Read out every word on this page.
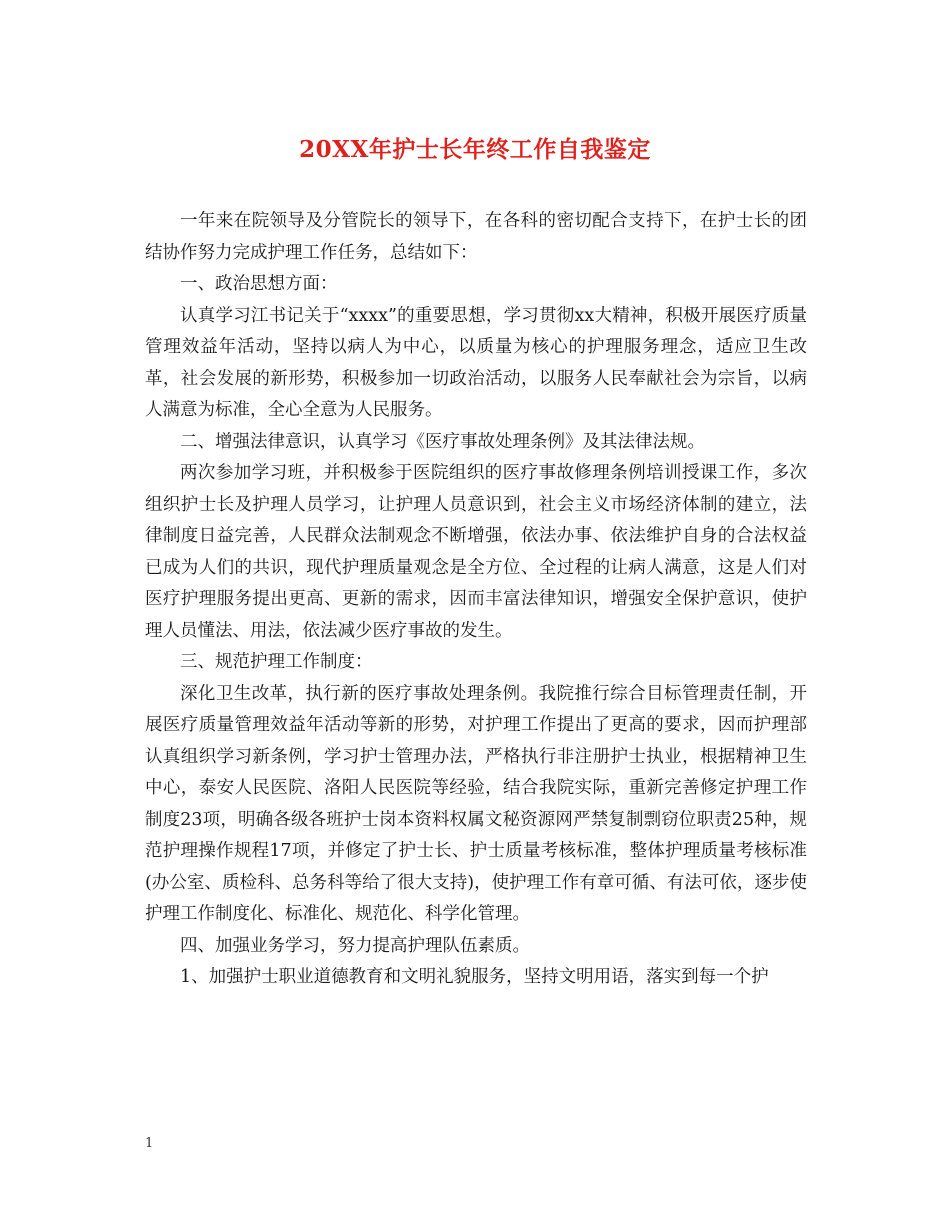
20XX年护士长年终工作自我鉴定

一年来在院领导及分管院长的领导下，在各科的密切配合支持下，在护士长的团结协作努力完成护理工作任务，总结如下：

一、政治思想方面：

认真学习江书记关于“xxxx”的重要思想，学习贯彻xx大精神，积极开展医疗质量管理效益年活动，坚持以病人为中心，以质量为核心的护理服务理念，适应卫生改革，社会发展的新形势，积极参加一切政治活动，以服务人民奉献社会为宗旨，以病人满意为标准，全心全意为人民服务。

二、增强法律意识，认真学习《医疗事故处理条例》及其法律法规。

两次参加学习班，并积极参于医院组织的医疗事故修理条例培训授课工作，多次组织护士长及护理人员学习，让护理人员意识到，社会主义市场经济体制的建立，法律制度日益完善，人民群众法制观念不断增强，依法办事、依法维护自身的合法权益已成为人们的共识，现代护理质量观念是全方位、全过程的让病人满意，这是人们对医疗护理服务提出更高、更新的需求，因而丰富法律知识，增强安全保护意识，使护理人员懂法、用法，依法减少医疗事故的发生。

三、规范护理工作制度：

深化卫生改革，执行新的医疗事故处理条例。我院推行综合目标管理责任制，开展医疗质量管理效益年活动等新的形势，对护理工作提出了更高的要求，因而护理部认真组织学习新条例，学习护士管理办法，严格执行非注册护士执业，根据精神卫生中心，泰安人民医院、洛阳人民医院等经验，结合我院实际，重新完善修定护理工作制度23项，明确各级各班护士岗本资料权属文秘资源网严禁复制剽窃位职责25种，规范护理操作规程17项，并修定了护士长、护士质量考核标准，整体护理质量考核标准(办公室、质检科、总务科等给了很大支持)，使护理工作有章可循、有法可依，逐步使护理工作制度化、标准化、规范化、科学化管理。

四、加强业务学习，努力提高护理队伍素质。

1、加强护士职业道德教育和文明礼貌服务，坚持文明用语，落实到每一个护

1
